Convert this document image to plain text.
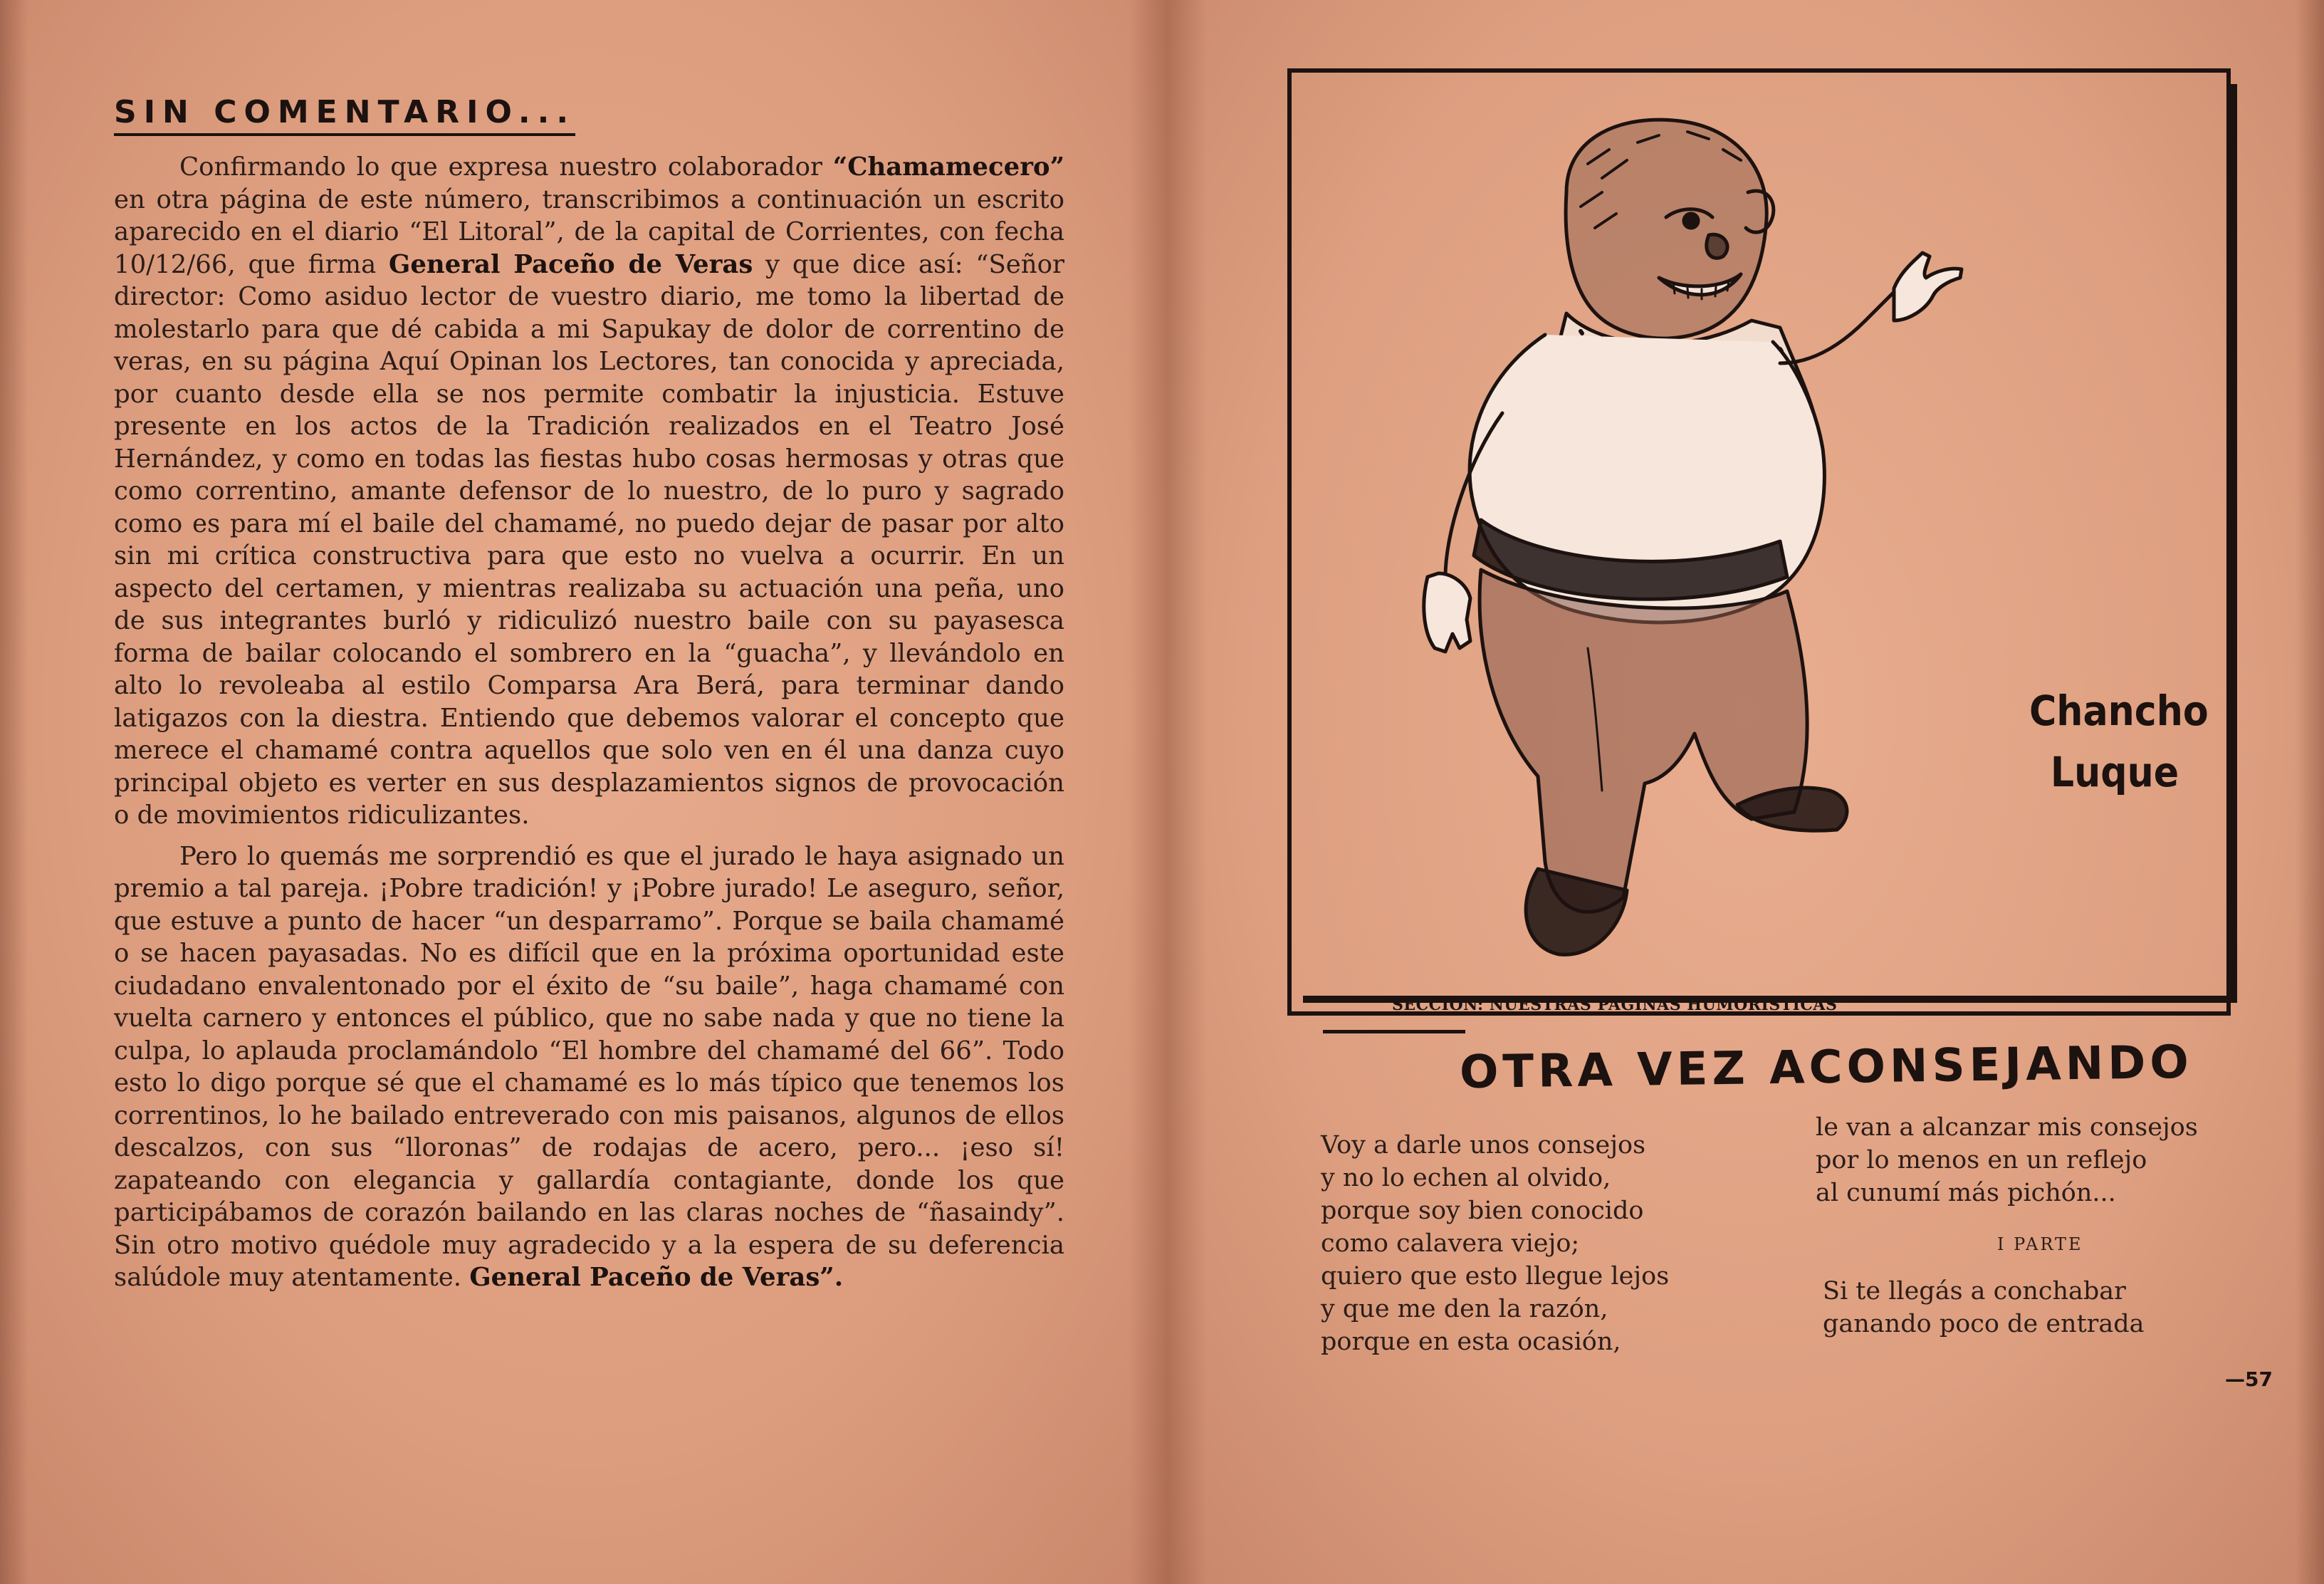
SIN COMENTARIO...

Confirmando lo que expresa nuestro colaborador “Chamamecero” en otra página de este número, transcribimos a continuación un escrito aparecido en el diario “El Litoral”, de la capital de Corrientes, con fecha 10/12/66, que firma General Paceño de Veras y que dice así: “Señor director: Como asiduo lector de vuestro diario, me tomo la libertad de molestarlo para que dé cabida a mi Sapukay de dolor de correntino de veras, en su página Aquí Opinan los Lectores, tan conocida y apreciada, por cuanto desde ella se nos permite combatir la injusticia. Estuve presente en los actos de la Tradición realizados en el Teatro José Hernández, y como en todas las fiestas hubo cosas hermosas y otras que como correntino, amante defensor de lo nuestro, de lo puro y sagrado como es para mí el baile del chamamé, no puedo dejar de pasar por alto sin mi crítica constructiva para que esto no vuelva a ocurrir. En un aspecto del certamen, y mientras realizaba su actuación una peña, uno de sus integrantes burló y ridiculizó nuestro baile con su payasesca forma de bailar colocando el sombrero en la “guacha”, y llevándolo en alto lo revoleaba al estilo Comparsa Ara Berá, para terminar dando latigazos con la diestra. Entiendo que debemos valorar el concepto que merece el chamamé contra aquellos que solo ven en él una danza cuyo principal objeto es verter en sus desplazamientos signos de provocación o de movimientos ridiculizantes.

Pero lo quemás me sorprendió es que el jurado le haya asignado un premio a tal pareja. ¡Pobre tradición! y ¡Pobre jurado! Le aseguro, señor, que estuve a punto de hacer “un desparramo”. Porque se baila chamamé o se hacen payasadas. No es difícil que en la próxima oportunidad este ciudadano envalentonado por el éxito de “su baile”, haga chamamé con vuelta carnero y entonces el público, que no sabe nada y que no tiene la culpa, lo aplauda proclamándolo “El hombre del chamamé del 66”. Todo esto lo digo porque sé que el chamamé es lo más típico que tenemos los correntinos, lo he bailado entreverado con mis paisanos, algunos de ellos descalzos, con sus “lloronas” de rodajas de acero, pero... ¡eso sí! zapateando con elegancia y gallardía contagiante, donde los que participábamos de corazón bailando en las claras noches de “ñasaindy”. Sin otro motivo quédole muy agradecido y a la espera de su deferencia salúdole muy atentamente. General Paceño de Veras”.

Chancho
Luque
SECCION: NUESTRAS PAGINAS HUMORISTICAS
OTRA VEZ ACONSEJANDO
Voy a darle unos consejos
y no lo echen al olvido,
porque soy bien conocido
como calavera viejo;
quiero que esto llegue lejos
y que me den la razón,
porque en esta ocasión,
le van a alcanzar mis consejos
por lo menos en un reflejo
al cunumí más pichón...
I PARTE
Si te llegás a conchabar
ganando poco de entrada
—57
